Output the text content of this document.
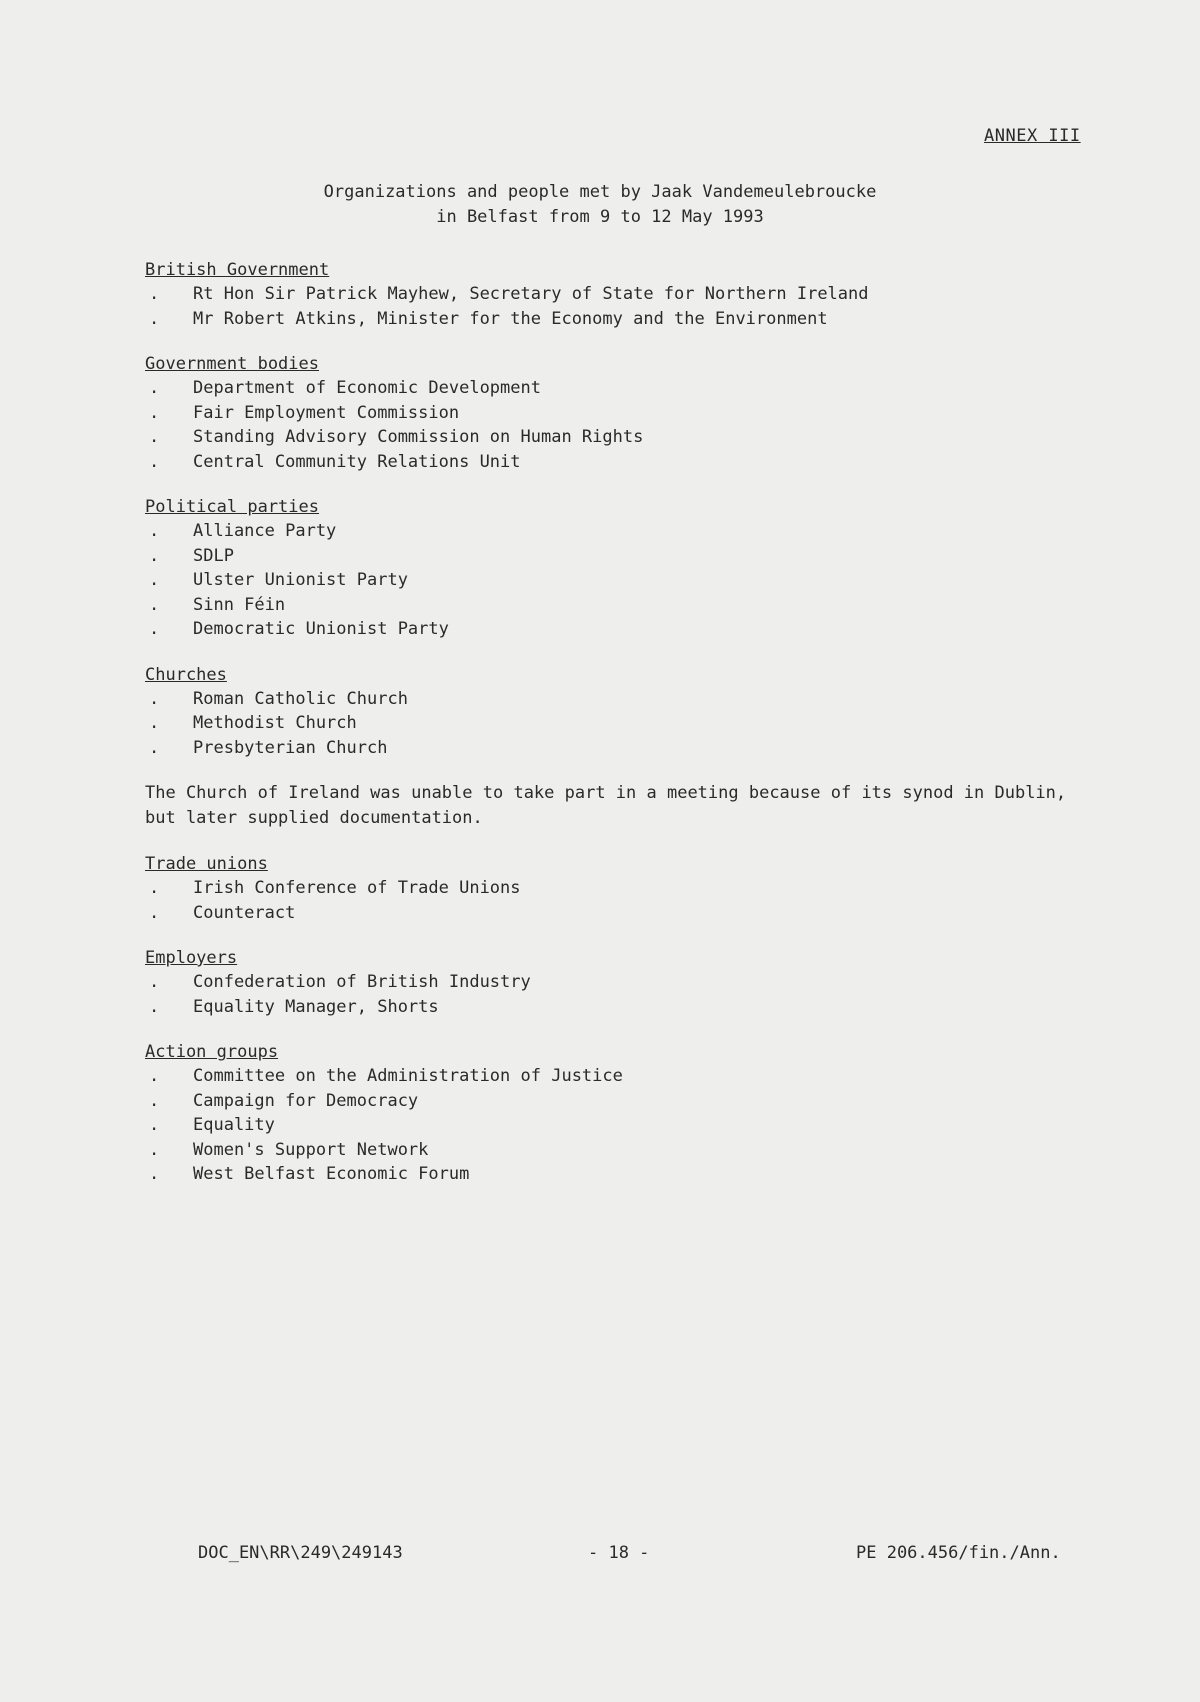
ANNEX III
Organizations and people met by Jaak Vandemeulebroucke
in Belfast from 9 to 12 May 1993
British Government
. Rt Hon Sir Patrick Mayhew, Secretary of State for Northern Ireland
. Mr Robert Atkins, Minister for the Economy and the Environment
Government bodies
. Department of Economic Development
. Fair Employment Commission
. Standing Advisory Commission on Human Rights
. Central Community Relations Unit
Political parties
. Alliance Party
. SDLP
. Ulster Unionist Party
. Sinn Féin
. Democratic Unionist Party
Churches
. Roman Catholic Church
. Methodist Church
. Presbyterian Church

The Church of Ireland was unable to take part in a meeting because of its synod in Dublin, but later supplied documentation.

Trade unions
. Irish Conference of Trade Unions
. Counteract
Employers
. Confederation of British Industry
. Equality Manager, Shorts
Action groups
. Committee on the Administration of Justice
. Campaign for Democracy
. Equality
. Women's Support Network
. West Belfast Economic Forum
DOC_EN\RR\249\249143	- 18 -	PE 206.456/fin./Ann.
